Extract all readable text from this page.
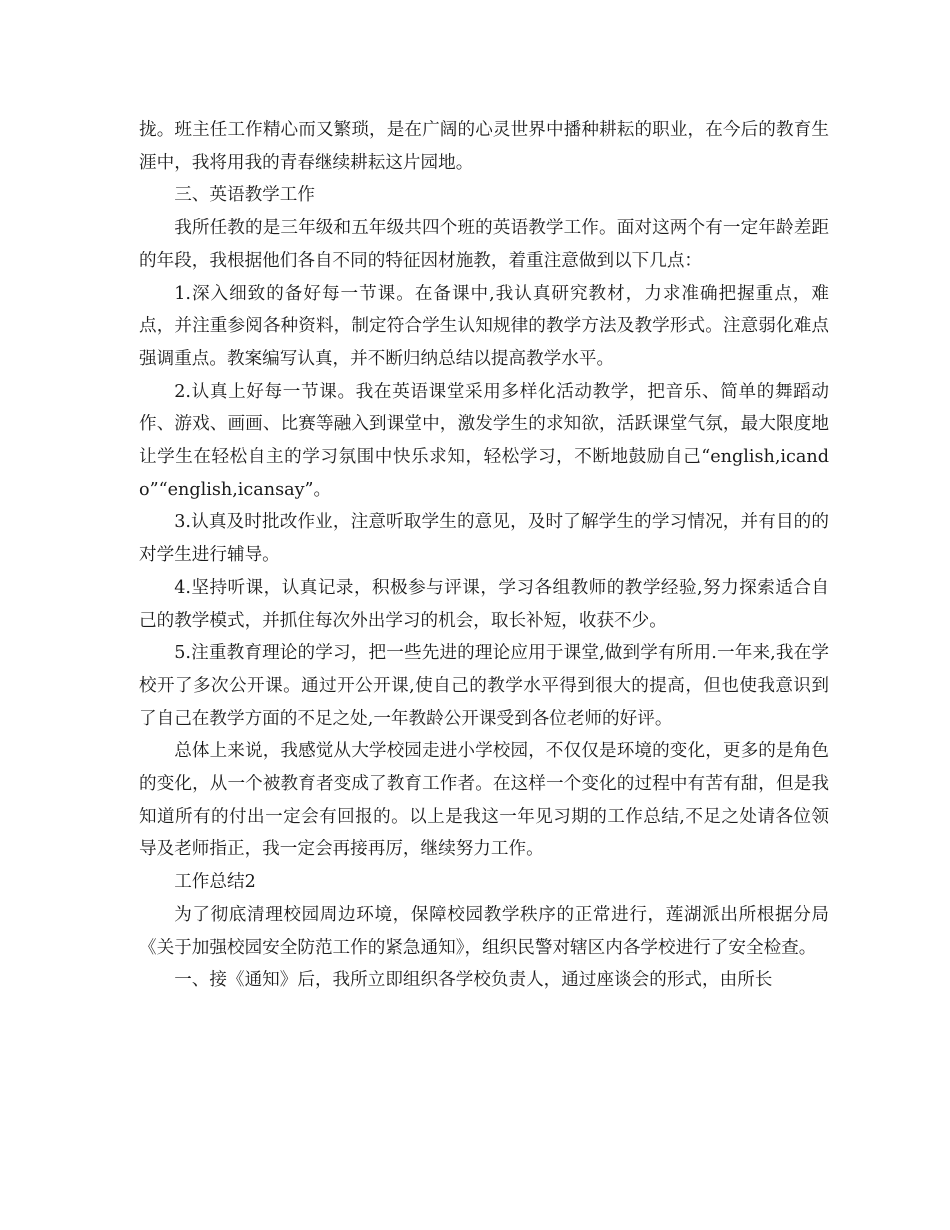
拢。班主任工作精心而又繁琐，是在广阔的心灵世界中播种耕耘的职业，在今后的教育生涯中，我将用我的青春继续耕耘这片园地。

三、英语教学工作

我所任教的是三年级和五年级共四个班的英语教学工作。面对这两个有一定年龄差距的年段，我根据他们各自不同的特征因材施教，着重注意做到以下几点：

1.深入细致的备好每一节课。在备课中,我认真研究教材，力求准确把握重点，难点，并注重参阅各种资料，制定符合学生认知规律的教学方法及教学形式。注意弱化难点强调重点。教案编写认真，并不断归纳总结以提高教学水平。

2.认真上好每一节课。我在英语课堂采用多样化活动教学，把音乐、简单的舞蹈动作、游戏、画画、比赛等融入到课堂中，激发学生的求知欲，活跃课堂气氛，最大限度地让学生在轻松自主的学习氛围中快乐求知，轻松学习，不断地鼓励自己“english,icando”“english,icansay”。

3.认真及时批改作业，注意听取学生的意见，及时了解学生的学习情况，并有目的的对学生进行辅导。

4.坚持听课，认真记录，积极参与评课，学习各组教师的教学经验,努力探索适合自己的教学模式，并抓住每次外出学习的机会，取长补短，收获不少。

5.注重教育理论的学习，把一些先进的理论应用于课堂,做到学有所用.一年来,我在学校开了多次公开课。通过开公开课,使自己的教学水平得到很大的提高，但也使我意识到了自己在教学方面的不足之处,一年教龄公开课受到各位老师的好评。

总体上来说，我感觉从大学校园走进小学校园，不仅仅是环境的变化，更多的是角色的变化，从一个被教育者变成了教育工作者。在这样一个变化的过程中有苦有甜，但是我知道所有的付出一定会有回报的。以上是我这一年见习期的工作总结,不足之处请各位领导及老师指正，我一定会再接再厉，继续努力工作。

工作总结2

为了彻底清理校园周边环境，保障校园教学秩序的正常进行，莲湖派出所根据分局《关于加强校园安全防范工作的紧急通知》，组织民警对辖区内各学校进行了安全检查。

一、接《通知》后，我所立即组织各学校负责人，通过座谈会的形式，由所长
